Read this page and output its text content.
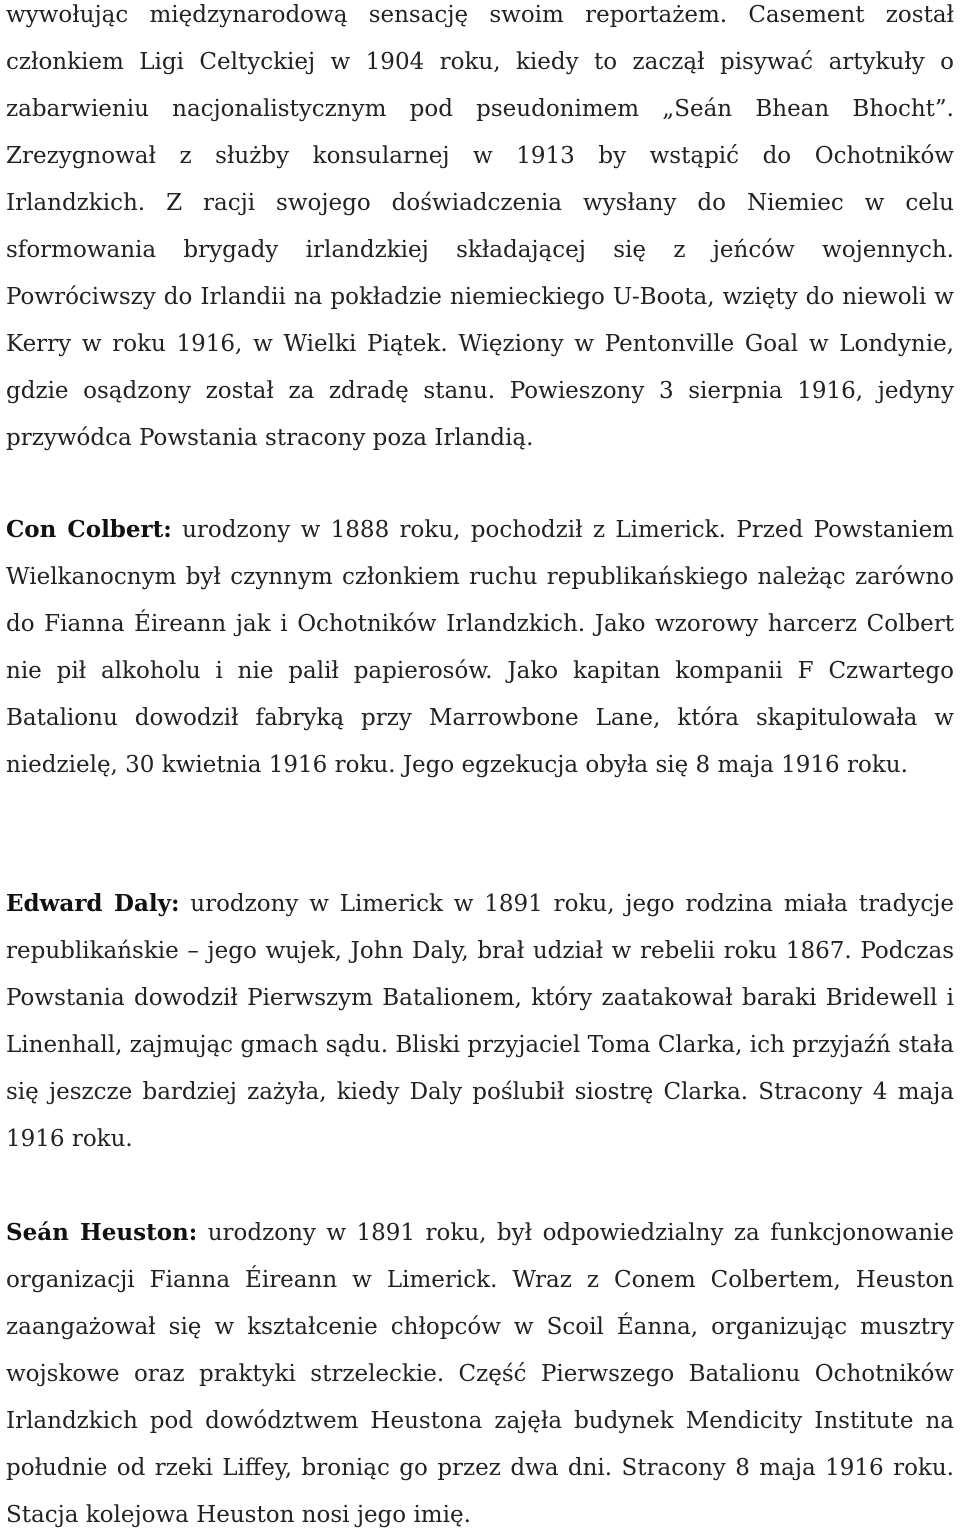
wywołując międzynarodową sensację swoim reportażem. Casement został członkiem Ligi Celtyckiej w 1904 roku, kiedy to zaczął pisywać artykuły o zabarwieniu nacjonalistycznym pod pseudonimem „Seán Bhean Bhocht”. Zrezygnował z służby konsularnej w 1913 by wstąpić do Ochotników Irlandzkich. Z racji swojego doświadczenia wysłany do Niemiec w celu sformowania brygady irlandzkiej składającej się z jeńców wojennych. Powróciwszy do Irlandii na pokładzie niemieckiego U-Boota, wzięty do niewoli w Kerry w roku 1916, w Wielki Piątek. Więziony w Pentonville Goal w Londynie, gdzie osądzony został za zdradę stanu. Powieszony 3 sierpnia 1916, jedyny przywódca Powstania stracony poza Irlandią.

Con Colbert: urodzony w 1888 roku, pochodził z Limerick. Przed Powstaniem Wielkanocnym był czynnym członkiem ruchu republikańskiego należąc zarówno do Fianna Éireann jak i Ochotników Irlandzkich. Jako wzorowy harcerz Colbert nie pił alkoholu i nie palił papierosów. Jako kapitan kompanii F Czwartego Batalionu dowodził fabryką przy Marrowbone Lane, która skapitulowała w niedzielę, 30 kwietnia 1916 roku. Jego egzekucja obyła się 8 maja 1916 roku.

Edward Daly: urodzony w Limerick w 1891 roku, jego rodzina miała tradycje republikańskie – jego wujek, John Daly, brał udział w rebelii roku 1867. Podczas Powstania dowodził Pierwszym Batalionem, który zaatakował baraki Bridewell i Linenhall, zajmując gmach sądu. Bliski przyjaciel Toma Clarka, ich przyjaźń stała się jeszcze bardziej zażyła, kiedy Daly poślubił siostrę Clarka. Stracony 4 maja 1916 roku.

Seán Heuston: urodzony w 1891 roku, był odpowiedzialny za funkcjonowanie organizacji Fianna Éireann w Limerick. Wraz z Conem Colbertem, Heuston zaangażował się w kształcenie chłopców w Scoil Éanna, organizując musztry wojskowe oraz praktyki strzeleckie. Część Pierwszego Batalionu Ochotników Irlandzkich pod dowództwem Heustona zajęła budynek Mendicity Institute na południe od rzeki Liffey, broniąc go przez dwa dni. Stracony 8 maja 1916 roku. Stacja kolejowa Heuston nosi jego imię.
